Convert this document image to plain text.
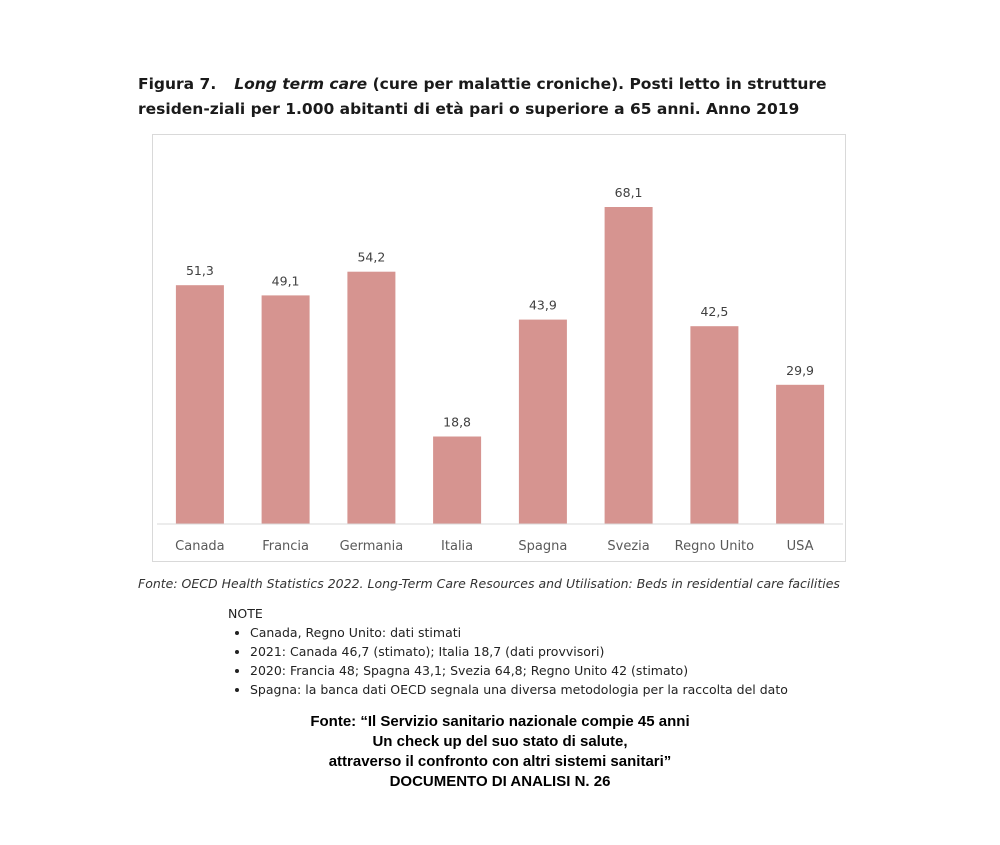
Figura 7. Long term care (cure per malattie croniche). Posti letto in strutture residen-ziali per 1.000 abitanti di età pari o superiore a 65 anni. Anno 2019
51,3
Canada
49,1
Francia
54,2
Germania
18,8
Italia
43,9
Spagna
68,1
Svezia
42,5
Regno Unito
29,9
USA
Fonte: OECD Health Statistics 2022. Long-Term Care Resources and Utilisation: Beds in residential care facilities
NOTE
• Canada, Regno Unito: dati stimati
• 2021: Canada 46,7 (stimato); Italia 18,7 (dati provvisori)
• 2020: Francia 48; Spagna 43,1; Svezia 64,8; Regno Unito 42 (stimato)
• Spagna: la banca dati OECD segnala una diversa metodologia per la raccolta del dato
Fonte: “Il Servizio sanitario nazionale compie 45 anni
Un check up del suo stato di salute,
attraverso il confronto con altri sistemi sanitari”
DOCUMENTO DI ANALISI N. 26
